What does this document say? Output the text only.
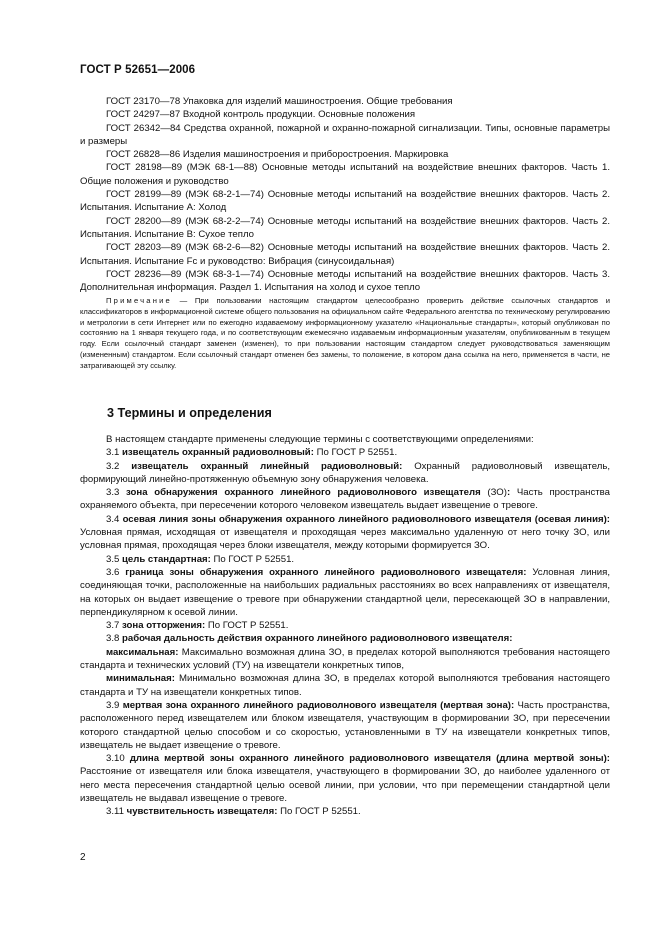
ГОСТ Р 52651—2006

ГОСТ 23170—78 Упаковка для изделий машиностроения. Общие требования

ГОСТ 24297—87 Входной контроль продукции. Основные положения

ГОСТ 26342—84 Средства охранной, пожарной и охранно-пожарной сигнализации. Типы, основные параметры и размеры

ГОСТ 26828—86 Изделия машиностроения и приборостроения. Маркировка

ГОСТ 28198—89 (МЭК 68-1—88) Основные методы испытаний на воздействие внешних факторов. Часть 1. Общие положения и руководство

ГОСТ 28199—89 (МЭК 68-2-1—74) Основные методы испытаний на воздействие внешних факторов. Часть 2. Испытания. Испытание А: Холод

ГОСТ 28200—89 (МЭК 68-2-2—74) Основные методы испытаний на воздействие внешних факторов. Часть 2. Испытания. Испытание В: Сухое тепло

ГОСТ 28203—89 (МЭК 68-2-6—82) Основные методы испытаний на воздействие внешних факторов. Часть 2. Испытания. Испытание Fc и руководство: Вибрация (синусоидальная)

ГОСТ 28236—89 (МЭК 68-3-1—74) Основные методы испытаний на воздействие внешних факторов. Часть 3. Дополнительная информация. Раздел 1. Испытания на холод и сухое тепло

Примечание — При пользовании настоящим стандартом целесообразно проверить действие ссылочных стандартов и классификаторов в информационной системе общего пользования на официальном сайте Федерального агентства по техническому регулированию и метрологии в сети Интернет или по ежегодно издаваемому информационному указателю «Национальные стандарты», который опубликован по состоянию на 1 января текущего года, и по соответствующим ежемесячно издаваемым информационным указателям, опубликованным в текущем году. Если ссылочный стандарт заменен (изменен), то при пользовании настоящим стандартом следует руководствоваться заменяющим (измененным) стандартом. Если ссылочный стандарт отменен без замены, то положение, в котором дана ссылка на него, применяется в части, не затрагивающей эту ссылку.

3 Термины и определения

В настоящем стандарте применены следующие термины с соответствующими определениями:

3.1 извещатель охранный радиоволновый: По ГОСТ Р 52551.

3.2 извещатель охранный линейный радиоволновый: Охранный радиоволновый извещатель, формирующий линейно-протяженную объемную зону обнаружения человека.

3.3 зона обнаружения охранного линейного радиоволнового извещателя (ЗО): Часть пространства охраняемого объекта, при пересечении которого человеком извещатель выдает извещение о тревоге.

3.4 осевая линия зоны обнаружения охранного линейного радиоволнового извещателя (осевая линия): Условная прямая, исходящая от извещателя и проходящая через максимально удаленную от него точку ЗО, или условная прямая, проходящая через блоки извещателя, между которыми формируется ЗО.

3.5 цель стандартная: По ГОСТ Р 52551.

3.6 граница зоны обнаружения охранного линейного радиоволнового извещателя: Условная линия, соединяющая точки, расположенные на наибольших радиальных расстояниях во всех направлениях от извещателя, на которых он выдает извещение о тревоге при обнаружении стандартной цели, пересекающей ЗО в направлении, перпендикулярном к осевой линии.

3.7 зона отторжения: По ГОСТ Р 52551.

3.8 рабочая дальность действия охранного линейного радиоволнового извещателя:

максимальная: Максимально возможная длина ЗО, в пределах которой выполняются требования настоящего стандарта и технических условий (ТУ) на извещатели конкретных типов,

минимальная: Минимально возможная длина ЗО, в пределах которой выполняются требования настоящего стандарта и ТУ на извещатели конкретных типов.

3.9 мертвая зона охранного линейного радиоволнового извещателя (мертвая зона): Часть пространства, расположенного перед извещателем или блоком извещателя, участвующим в формировании ЗО, при пересечении которого стандартной целью способом и со скоростью, установленными в ТУ на извещатели конкретных типов, извещатель не выдает извещение о тревоге.

3.10 длина мертвой зоны охранного линейного радиоволнового извещателя (длина мертвой зоны): Расстояние от извещателя или блока извещателя, участвующего в формировании ЗО, до наиболее удаленного от него места пересечения стандартной целью осевой линии, при условии, что при перемещении стандартной цели извещатель не выдавал извещение о тревоге.

3.11 чувствительность извещателя: По ГОСТ Р 52551.

2
